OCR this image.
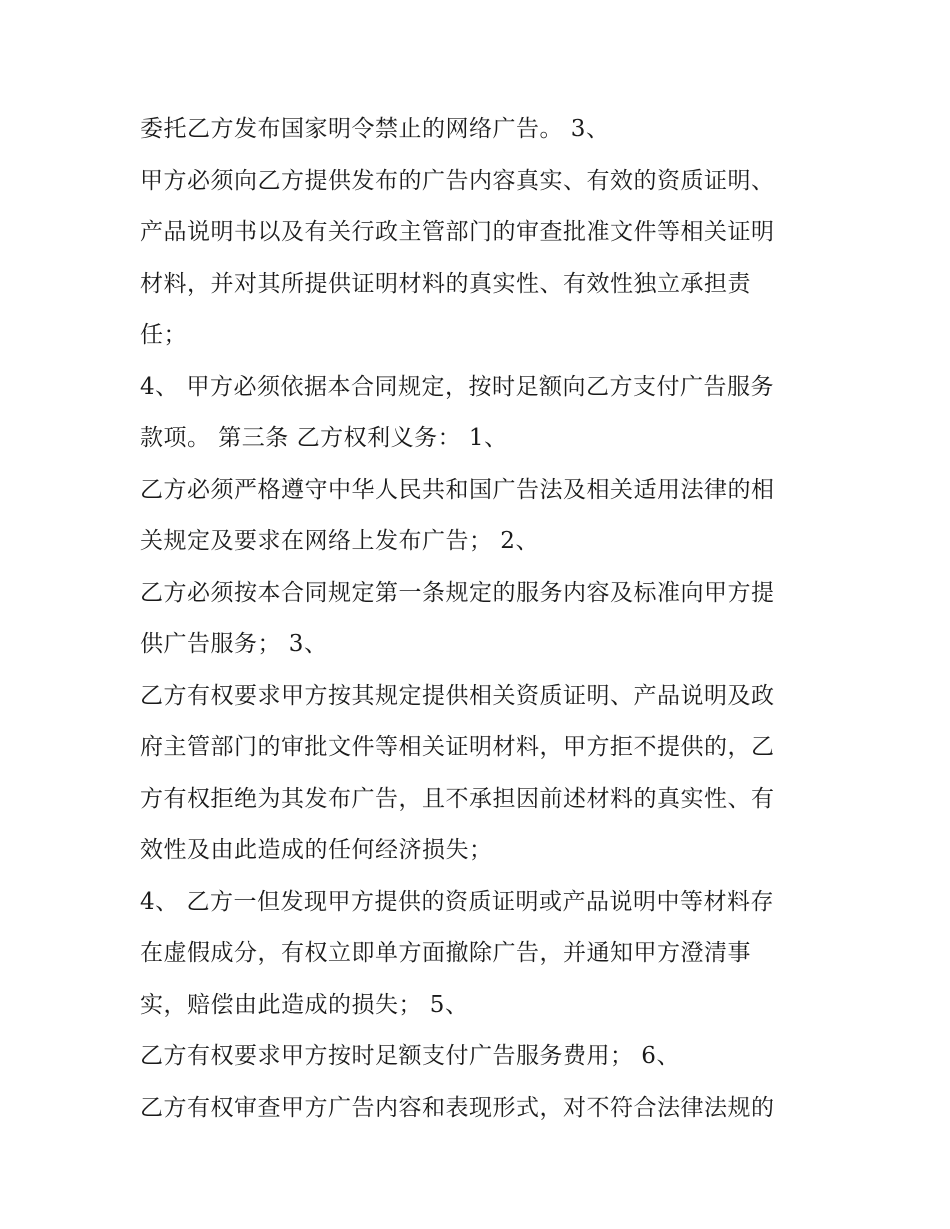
委托乙方发布国家明令禁止的网络广告。 3、
甲方必须向乙方提供发布的广告内容真实、有效的资质证明、
产品说明书以及有关行政主管部门的审查批准文件等相关证明
材料，并对其所提供证明材料的真实性、有效性独立承担责
任；
4、 甲方必须依据本合同规定，按时足额向乙方支付广告服务
款项。 第三条 乙方权利义务： 1、
乙方必须严格遵守中华人民共和国广告法及相关适用法律的相
关规定及要求在网络上发布广告； 2、
乙方必须按本合同规定第一条规定的服务内容及标准向甲方提
供广告服务； 3、
乙方有权要求甲方按其规定提供相关资质证明、产品说明及政
府主管部门的审批文件等相关证明材料，甲方拒不提供的，乙
方有权拒绝为其发布广告，且不承担因前述材料的真实性、有
效性及由此造成的任何经济损失；
4、 乙方一但发现甲方提供的资质证明或产品说明中等材料存
在虚假成分，有权立即单方面撤除广告，并通知甲方澄清事
实，赔偿由此造成的损失； 5、
乙方有权要求甲方按时足额支付广告服务费用； 6、
乙方有权审查甲方广告内容和表现形式，对不符合法律法规的
